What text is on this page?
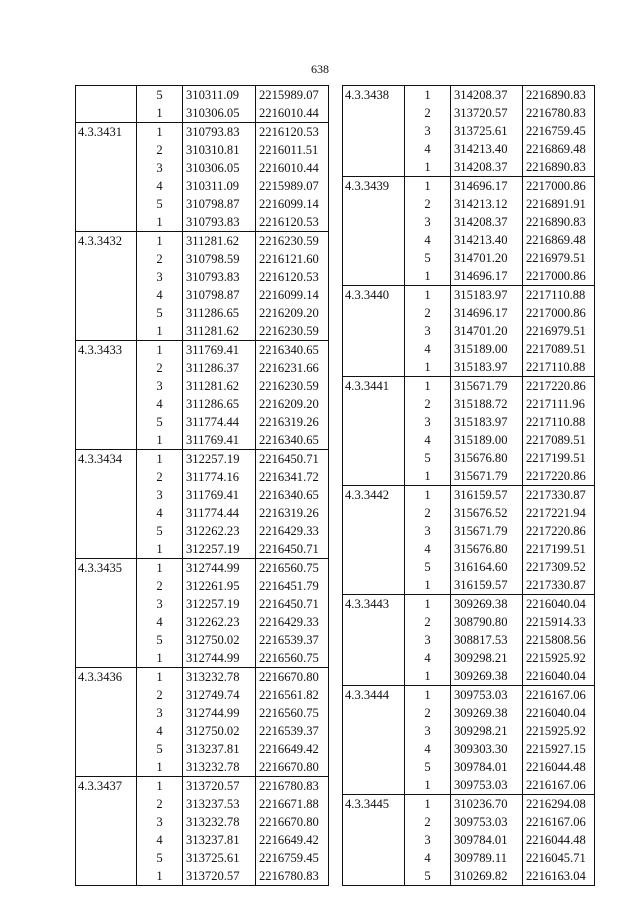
638
	5	310311.09	2215989.07
	1	310306.05	2216010.44
4.3.3431	1	310793.83	2216120.53
	2	310310.81	2216011.51
	3	310306.05	2216010.44
	4	310311.09	2215989.07
	5	310798.87	2216099.14
	1	310793.83	2216120.53
4.3.3432	1	311281.62	2216230.59
	2	310798.59	2216121.60
	3	310793.83	2216120.53
	4	310798.87	2216099.14
	5	311286.65	2216209.20
	1	311281.62	2216230.59
4.3.3433	1	311769.41	2216340.65
	2	311286.37	2216231.66
	3	311281.62	2216230.59
	4	311286.65	2216209.20
	5	311774.44	2216319.26
	1	311769.41	2216340.65
4.3.3434	1	312257.19	2216450.71
	2	311774.16	2216341.72
	3	311769.41	2216340.65
	4	311774.44	2216319.26
	5	312262.23	2216429.33
	1	312257.19	2216450.71
4.3.3435	1	312744.99	2216560.75
	2	312261.95	2216451.79
	3	312257.19	2216450.71
	4	312262.23	2216429.33
	5	312750.02	2216539.37
	1	312744.99	2216560.75
4.3.3436	1	313232.78	2216670.80
	2	312749.74	2216561.82
	3	312744.99	2216560.75
	4	312750.02	2216539.37
	5	313237.81	2216649.42
	1	313232.78	2216670.80
4.3.3437	1	313720.57	2216780.83
	2	313237.53	2216671.88
	3	313232.78	2216670.80
	4	313237.81	2216649.42
	5	313725.61	2216759.45
	1	313720.57	2216780.83
4.3.3438	1	314208.37	2216890.83
	2	313720.57	2216780.83
	3	313725.61	2216759.45
	4	314213.40	2216869.48
	1	314208.37	2216890.83
4.3.3439	1	314696.17	2217000.86
	2	314213.12	2216891.91
	3	314208.37	2216890.83
	4	314213.40	2216869.48
	5	314701.20	2216979.51
	1	314696.17	2217000.86
4.3.3440	1	315183.97	2217110.88
	2	314696.17	2217000.86
	3	314701.20	2216979.51
	4	315189.00	2217089.51
	1	315183.97	2217110.88
4.3.3441	1	315671.79	2217220.86
	2	315188.72	2217111.96
	3	315183.97	2217110.88
	4	315189.00	2217089.51
	5	315676.80	2217199.51
	1	315671.79	2217220.86
4.3.3442	1	316159.57	2217330.87
	2	315676.52	2217221.94
	3	315671.79	2217220.86
	4	315676.80	2217199.51
	5	316164.60	2217309.52
	1	316159.57	2217330.87
4.3.3443	1	309269.38	2216040.04
	2	308790.80	2215914.33
	3	308817.53	2215808.56
	4	309298.21	2215925.92
	1	309269.38	2216040.04
4.3.3444	1	309753.03	2216167.06
	2	309269.38	2216040.04
	3	309298.21	2215925.92
	4	309303.30	2215927.15
	5	309784.01	2216044.48
	1	309753.03	2216167.06
4.3.3445	1	310236.70	2216294.08
	2	309753.03	2216167.06
	3	309784.01	2216044.48
	4	309789.11	2216045.71
	5	310269.82	2216163.04
